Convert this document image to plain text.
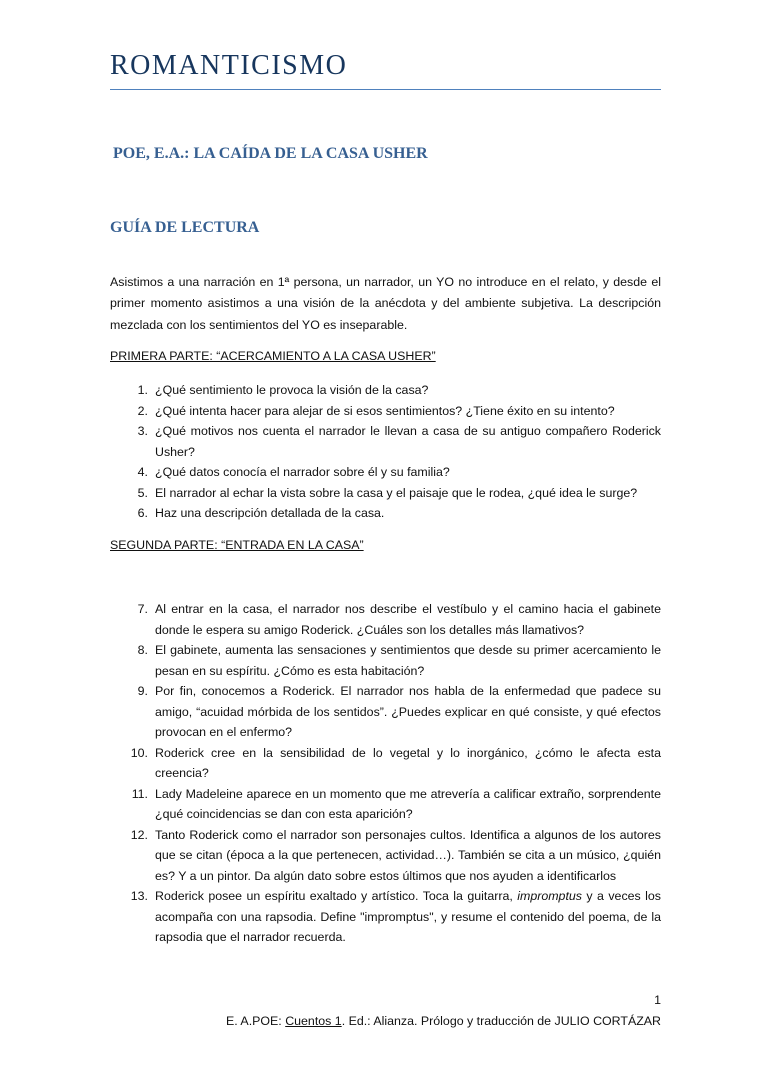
ROMANTICISMO
POE, E.A.: LA CAÍDA DE LA CASA USHER
GUÍA DE LECTURA

Asistimos a una narración en 1ª persona, un narrador, un YO no introduce en el relato, y desde el primer momento asistimos a una visión de la anécdota y del ambiente subjetiva. La descripción mezclada con los sentimientos del YO es inseparable.

PRIMERA PARTE: “ACERCAMIENTO A LA CASA USHER”
1. ¿Qué sentimiento le provoca la visión de la casa?
2. ¿Qué intenta hacer para alejar de si esos sentimientos? ¿Tiene éxito en su intento?
3. ¿Qué motivos nos cuenta el narrador le llevan a casa de su antiguo compañero Roderick Usher?
4. ¿Qué datos conocía el narrador sobre él y su familia?
5. El narrador al echar la vista sobre la casa y el paisaje que le rodea, ¿qué idea le surge?
6. Haz una descripción detallada de la casa.
SEGUNDA PARTE: “ENTRADA EN LA CASA”
7. Al entrar en la casa, el narrador nos describe el vestíbulo y el camino hacia el gabinete donde le espera su amigo Roderick. ¿Cuáles son los detalles más llamativos?
8. El gabinete, aumenta las sensaciones y sentimientos que desde su primer acercamiento le pesan en su espíritu. ¿Cómo es esta habitación?
9. Por fin, conocemos a Roderick. El narrador nos habla de la enfermedad que padece su amigo, “acuidad mórbida de los sentidos”. ¿Puedes explicar en qué consiste, y qué efectos provocan en el enfermo?
10. Roderick cree en la sensibilidad de lo vegetal y lo inorgánico, ¿cómo le afecta esta creencia?
11. Lady Madeleine aparece en un momento que me atrevería a calificar extraño, sorprendente ¿qué coincidencias se dan con esta aparición?
12. Tanto Roderick como el narrador son personajes cultos. Identifica a algunos de los autores que se citan (época a la que pertenecen, actividad…). También se cita a un músico, ¿quién es? Y a un pintor. Da algún dato sobre estos últimos que nos ayuden a identificarlos
13. Roderick posee un espíritu exaltado y artístico. Toca la guitarra, impromptus y a veces los acompaña con una rapsodia. Define "impromptus", y resume el contenido del poema, de la rapsodia que el narrador recuerda.

1

E. A.POE: Cuentos 1. Ed.: Alianza. Prólogo y traducción de JULIO CORTÁZAR
